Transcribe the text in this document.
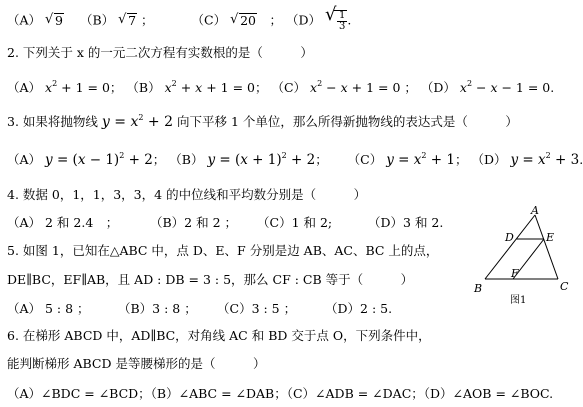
（A） √ 9 （B） √ 7 ；	（C） √ 20　； （D） √
$\frac{1}{3}$ .
2. 下列关于 x 的一元二次方程有实数根的是（　　　）
（A） $x^2 + 1 = 0$； （B） $x^2 + x + 1 = 0$； （C） $x^2 - x + 1 = 0$ ； （D） $x^2 - x - 1 = 0$.
3. 如果将抛物线 $y = x^2 + 2$ 向下平移 1 个单位，那么所得新抛物线的表达式是（　　　）
（A） $y = (x - 1)^2 + 2$； （B） $y = (x + 1)^2 + 2$；  （C） $y = x^2 + 1$； （D） $y = x^2 + 3$.
4. 数据 0，1，1，3，3，4 的中位线和平均数分别是（　　　）
（A） 2 和 2.4　；	（B）2 和 2 ； （C）1 和 2;	（D）3 和 2.
5. 如图 1，已知在△ABC 中，点 D、E、F 分别是边 AB、AC、BC 上的点，
DE∥BC，EF∥AB，且 AD : DB = 3 : 5，那么 CF : CB 等于（　　　）
（A） 5 : 8 ； （B）3 : 8 ； （C）3 : 5 ； （D）2 : 5.
6. 在梯形 ABCD 中，AD∥BC，对角线 AC 和 BD 交于点 O，下列条件中，
能判断梯形 ABCD 是等腰梯形的是（　　　）
（A）∠BDC = ∠BCD；（B）∠ABC = ∠DAB；（C）∠ADB = ∠DAC；（D）∠AOB = ∠BOC.
A
D	E
B
F
C
图1
